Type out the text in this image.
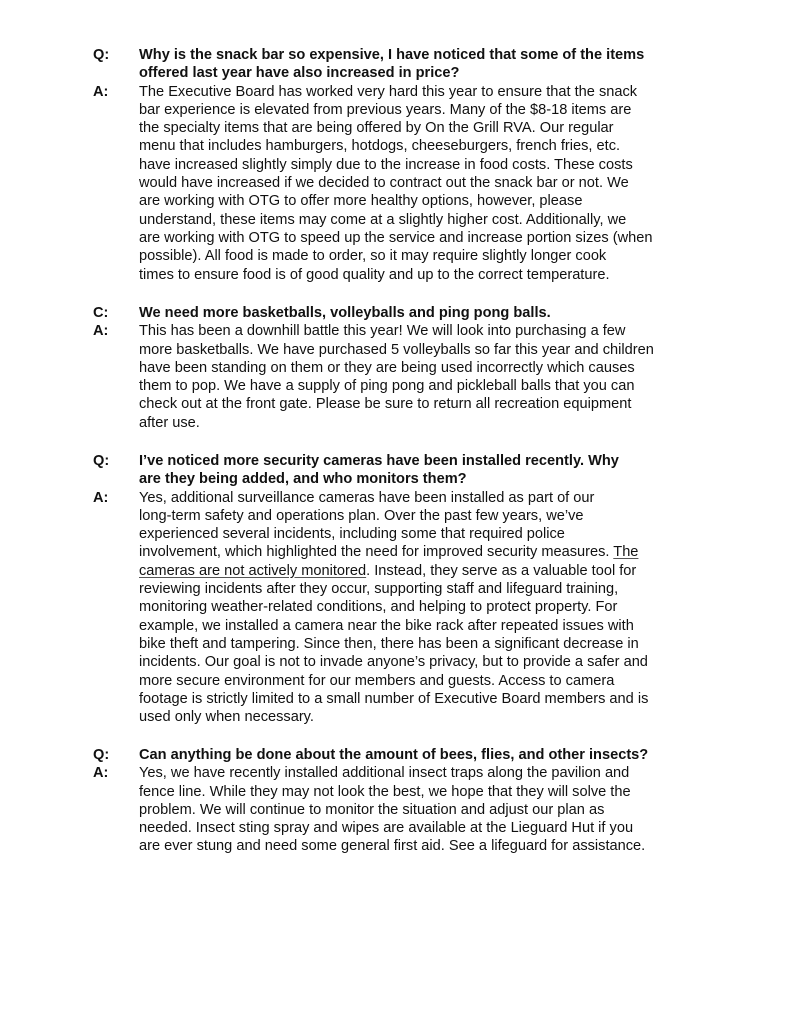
Q:	Why is the snack bar so expensive, I have noticed that some of the items
offered last year have also increased in price?
A:	The Executive Board has worked very hard this year to ensure that the snack
bar experience is elevated from previous years. Many of the $8-18 items are
the specialty items that are being offered by On the Grill RVA. Our regular
menu that includes hamburgers, hotdogs, cheeseburgers, french fries, etc.
have increased slightly simply due to the increase in food costs. These costs
would have increased if we decided to contract out the snack bar or not. We
are working with OTG to offer more healthy options, however, please
understand, these items may come at a slightly higher cost. Additionally, we
are working with OTG to speed up the service and increase portion sizes (when
possible). All food is made to order, so it may require slightly longer cook
times to ensure food is of good quality and up to the correct temperature.
C:	We need more basketballs, volleyballs and ping pong balls.
A:	This has been a downhill battle this year! We will look into purchasing a few
more basketballs. We have purchased 5 volleyballs so far this year and children
have been standing on them or they are being used incorrectly which causes
them to pop. We have a supply of ping pong and pickleball balls that you can
check out at the front gate. Please be sure to return all recreation equipment
after use.
Q:	I’ve noticed more security cameras have been installed recently. Why
are they being added, and who monitors them?
A:	Yes, additional surveillance cameras have been installed as part of our
long-term safety and operations plan. Over the past few years, we’ve
experienced several incidents, including some that required police
involvement, which highlighted the need for improved security measures. The
cameras are not actively monitored. Instead, they serve as a valuable tool for
reviewing incidents after they occur, supporting staff and lifeguard training,
monitoring weather-related conditions, and helping to protect property. For
example, we installed a camera near the bike rack after repeated issues with
bike theft and tampering. Since then, there has been a significant decrease in
incidents. Our goal is not to invade anyone’s privacy, but to provide a safer and
more secure environment for our members and guests. Access to camera
footage is strictly limited to a small number of Executive Board members and is
used only when necessary.
Q:	Can anything be done about the amount of bees, flies, and other insects?
A:	Yes, we have recently installed additional insect traps along the pavilion and
fence line. While they may not look the best, we hope that they will solve the
problem. We will continue to monitor the situation and adjust our plan as
needed. Insect sting spray and wipes are available at the Lieguard Hut if you
are ever stung and need some general first aid. See a lifeguard for assistance.
